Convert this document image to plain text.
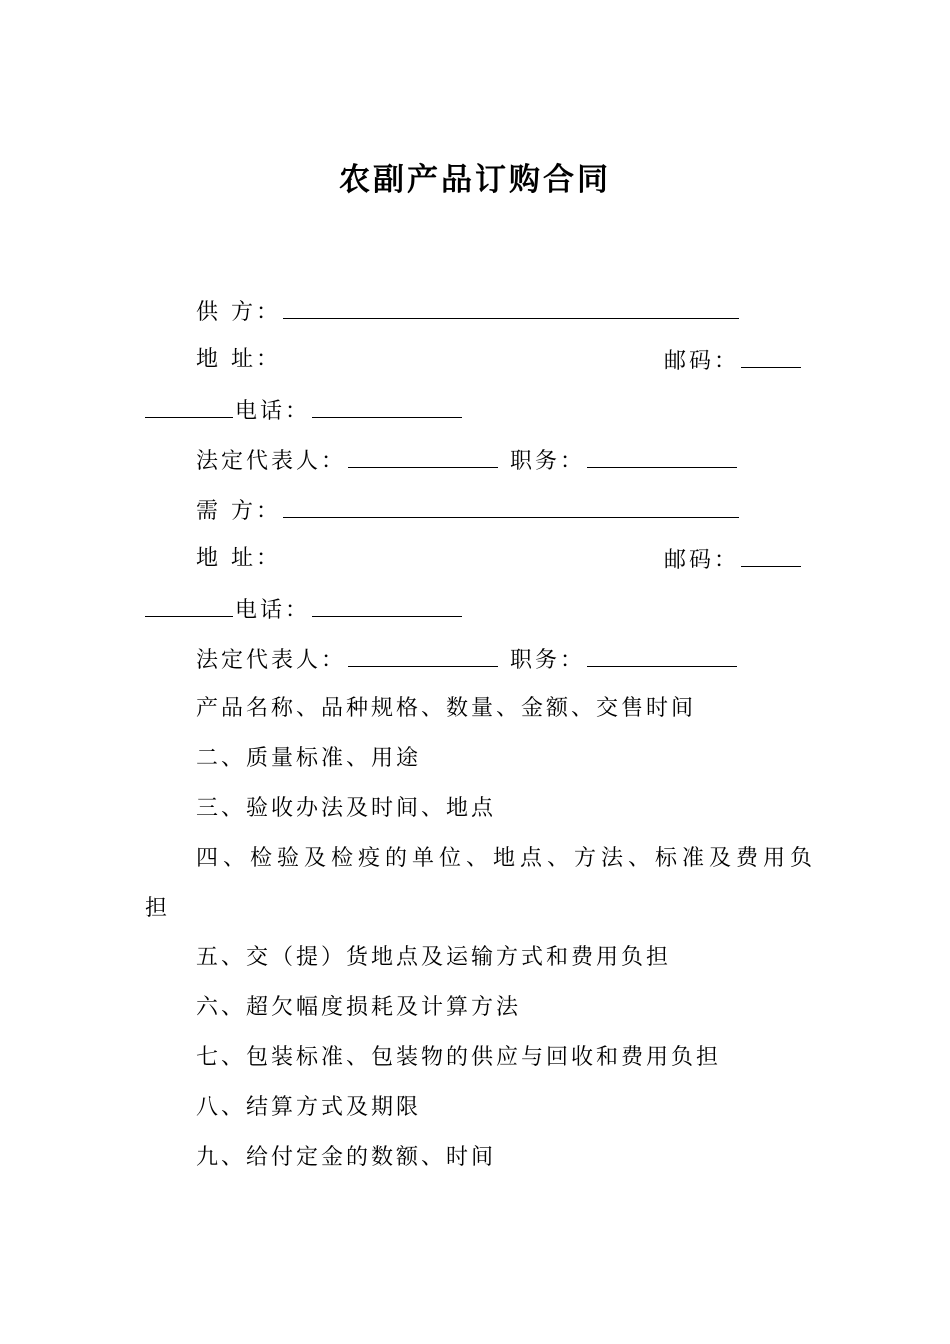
农副产品订购合同
供 方：
地 址：	邮码：
电话：
法定代表人：	职务：
需 方：
地 址：	邮码：
电话：
法定代表人：	职务：
产品名称、品种规格、数量、金额、交售时间
二、质量标准、用途
三、验收办法及时间、地点
四、检验及检疫的单位、地点、方法、标准及费用负
担
五、交（提）货地点及运输方式和费用负担
六、超欠幅度损耗及计算方法
七、包装标准、包装物的供应与回收和费用负担
八、结算方式及期限
九、给付定金的数额、时间
